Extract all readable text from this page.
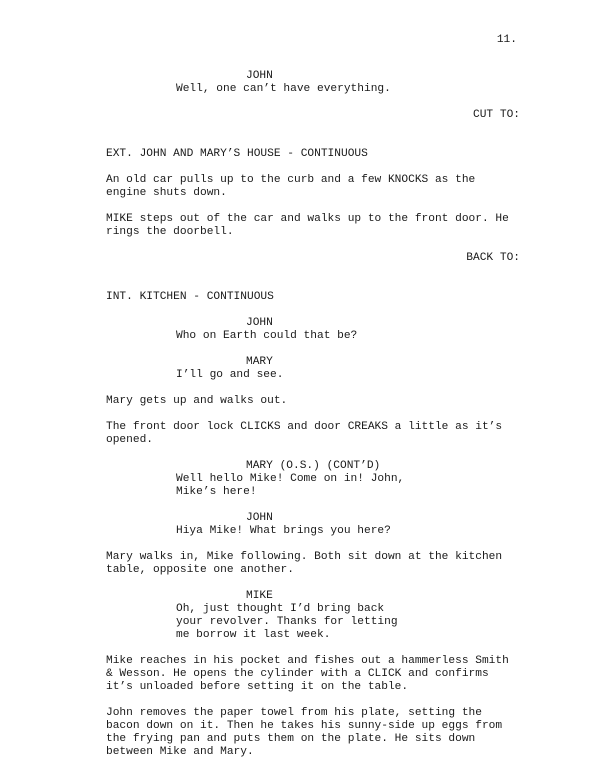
11.
JOHN
Well, one can’t have everything.
CUT TO:
EXT. JOHN AND MARY’S HOUSE - CONTINUOUS
An old car pulls up to the curb and a few KNOCKS as the
engine shuts down.
MIKE steps out of the car and walks up to the front door. He
rings the doorbell.
BACK TO:
INT. KITCHEN - CONTINUOUS
JOHN
Who on Earth could that be?
MARY
I’ll go and see.
Mary gets up and walks out.
The front door lock CLICKS and door CREAKS a little as it’s
opened.
MARY (O.S.) (CONT’D)
Well hello Mike! Come on in! John,
Mike’s here!
JOHN
Hiya Mike! What brings you here?
Mary walks in, Mike following. Both sit down at the kitchen
table, opposite one another.
MIKE
Oh, just thought I’d bring back
your revolver. Thanks for letting
me borrow it last week.
Mike reaches in his pocket and fishes out a hammerless Smith
& Wesson. He opens the cylinder with a CLICK and confirms
it’s unloaded before setting it on the table.
John removes the paper towel from his plate, setting the
bacon down on it. Then he takes his sunny-side up eggs from
the frying pan and puts them on the plate. He sits down
between Mike and Mary.
